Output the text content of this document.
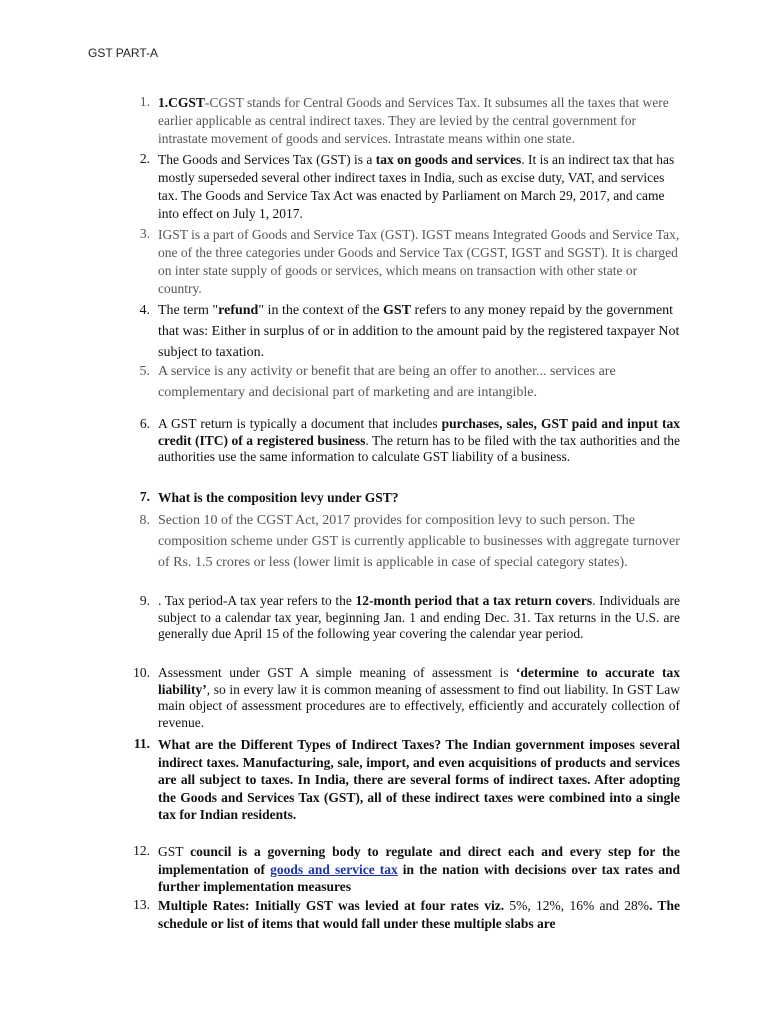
GST PART-A

1. 1.CGST-CGST stands for Central Goods and Services Tax. It subsumes all the taxes that were earlier applicable as central indirect taxes. They are levied by the central government for intrastate movement of goods and services. Intrastate means within one state.
2. The Goods and Services Tax (GST) is a tax on goods and services. It is an indirect tax that has mostly superseded several other indirect taxes in India, such as excise duty, VAT, and services tax. The Goods and Service Tax Act was enacted by Parliament on March 29, 2017, and came into effect on July 1, 2017.
3. IGST is a part of Goods and Service Tax (GST). IGST means Integrated Goods and Service Tax, one of the three categories under Goods and Service Tax (CGST, IGST and SGST). It is charged on inter state supply of goods or services, which means on transaction with other state or country.
4. The term "refund" in the context of the GST refers to any money repaid by the government that was: Either in surplus of or in addition to the amount paid by the registered taxpayer Not subject to taxation.
5. A service is any activity or benefit that are being an offer to another... services are complementary and decisional part of marketing and are intangible.
6. A GST return is typically a document that includes purchases, sales, GST paid and input tax credit (ITC) of a registered business. The return has to be filed with the tax authorities and the authorities use the same information to calculate GST liability of a business.
7. What is the composition levy under GST?
8. Section 10 of the CGST Act, 2017 provides for composition levy to such person. The composition scheme under GST is currently applicable to businesses with aggregate turnover of Rs. 1.5 crores or less (lower limit is applicable in case of special category states).
9. . Tax period-A tax year refers to the 12-month period that a tax return covers. Individuals are subject to a calendar tax year, beginning Jan. 1 and ending Dec. 31. Tax returns in the U.S. are generally due April 15 of the following year covering the calendar year period.
10. Assessment under GST A simple meaning of assessment is ‘determine to accurate tax liability’, so in every law it is common meaning of assessment to find out liability. In GST Law main object of assessment procedures are to effectively, efficiently and accurately collection of revenue.
11. What are the Different Types of Indirect Taxes? The Indian government imposes several indirect taxes. Manufacturing, sale, import, and even acquisitions of products and services are all subject to taxes. In India, there are several forms of indirect taxes. After adopting the Goods and Services Tax (GST), all of these indirect taxes were combined into a single tax for Indian residents.
12. GST council is a governing body to regulate and direct each and every step for the implementation of goods and service tax in the nation with decisions over tax rates and further implementation measures
13. Multiple Rates: Initially GST was levied at four rates viz. 5%, 12%, 16% and 28%. The schedule or list of items that would fall under these multiple slabs are
